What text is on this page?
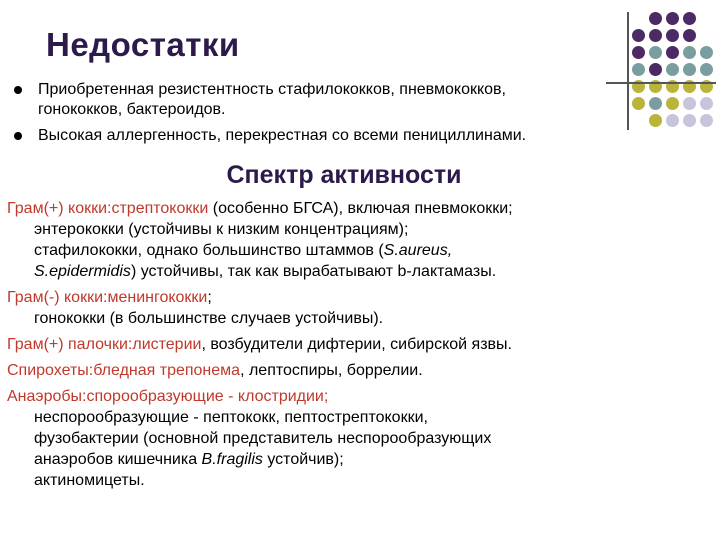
Недостатки
Приобретенная резистентность стафилококков, пневмококков,
гонококков, бактероидов.
Высокая аллергенность, перекрестная со всеми пенициллинами.
Спектр активности
Грам(+) кокки:стрептококки (особенно БГСА), включая пневмококки;
энтерококки (устойчивы к низким концентрациям);
стафилококки, однако большинство штаммов (S.aureus,
S.epidermidis) устойчивы, так как вырабатывают b-лактамазы.
Грам(-) кокки:менингококки;
гонококки (в большинстве случаев устойчивы).
Грам(+) палочки:листерии, возбудители дифтерии, сибирской язвы.
Спирохеты:бледная трепонема, лептоспиры, боррелии.
Анаэробы:спорообразующие - клостридии;
неспорообразующие - пептококк, пептострептококки,
фузобактерии (основной представитель неспорообразующих
анаэробов кишечника B.fragilis устойчив);
актиномицеты.
